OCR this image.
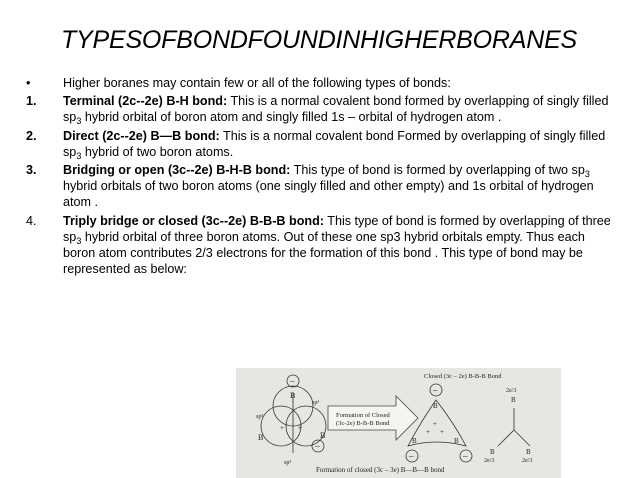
TYPESOFBONDFOUNDINHIGHERBORANES
•	Higher boranes may contain few or all of the following types of bonds:
1. Terminal (2c--2e) B-H bond: This is a normal covalent bond formed by overlapping of singly filled $sp_3$ hybrid orbital of boron atom and singly filled 1s – orbital of hydrogen atom .
2. Direct (2c--2e) B—B bond: This is a normal covalent bond Formed by overlapping of singly filled $sp_3$ hybrid of two boron atoms.
3. Bridging or open (3c--2e) B-H-B bond: This type of bond is formed by overlapping of two $sp_3$ hybrid orbitals of two boron atoms (one singly filled and other empty) and 1s orbital of hydrogen atom .
4. Triply bridge or closed (3c--2e) B-B-B bond: This type of bond is formed by overlapping of three $sp_3$ hybrid orbital of three boron atoms. Out of these one sp3 hybrid orbitals empty. Thus each boron atom contributes 2/3 electrons for the formation of this bond . This type of bond may be represented as below:
–
–
B
B	B
sp³
sp³
sp³
+ +
Formation of Closed
(3c-2e) B-B-B Bond
Closed (3c – 2e) B-B-B Bond
–
–	–
B
B	B
+
+ +
2e/3
B
B	B
2e/3	2e/3
Formation of closed (3c – 3e) B—B—B bond
